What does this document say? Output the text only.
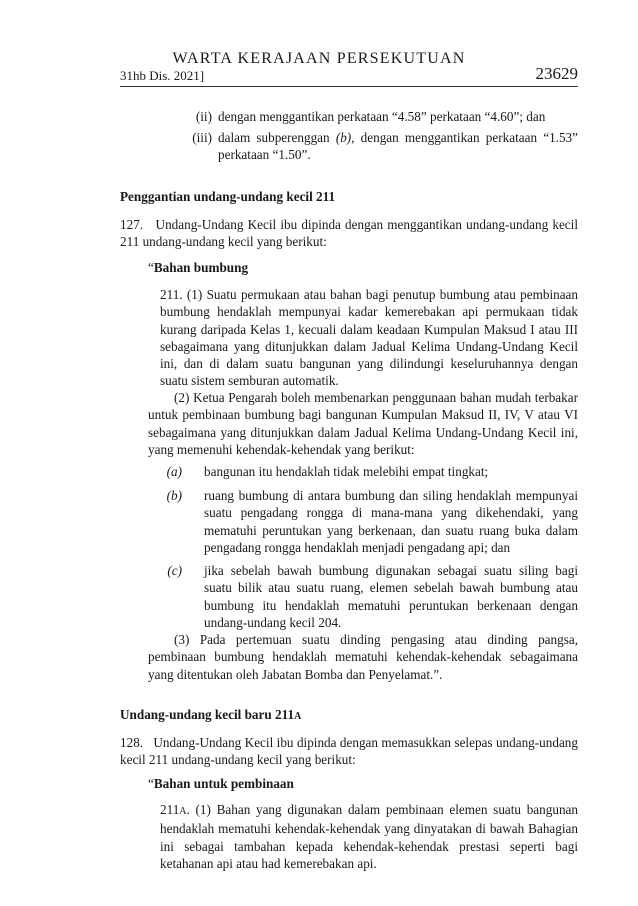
WARTA KERAJAAN PERSEKUTUAN
31hb Dis. 2021]	23629
(ii) dengan menggantikan perkataan “4.58” perkataan “4.60”; dan
(iii) dalam subperenggan (b), dengan menggantikan perkataan “1.53” perkataan “1.50”.
Penggantian undang-undang kecil 211
127.   Undang-Undang Kecil ibu dipinda dengan menggantikan undang-undang kecil 211 undang-undang kecil yang berikut:
“Bahan bumbung
211. (1) Suatu permukaan atau bahan bagi penutup bumbung atau pembinaan bumbung hendaklah mempunyai kadar kemerebakan api permukaan tidak kurang daripada Kelas 1, kecuali dalam keadaan Kumpulan Maksud I atau III sebagaimana yang ditunjukkan dalam Jadual Kelima Undang-Undang Kecil ini, dan di dalam suatu bangunan yang dilindungi keseluruhannya dengan suatu sistem semburan automatik.
(2) Ketua Pengarah boleh membenarkan penggunaan bahan mudah terbakar untuk pembinaan bumbung bagi bangunan Kumpulan Maksud II, IV, V atau VI sebagaimana yang ditunjukkan dalam Jadual Kelima Undang-Undang Kecil ini, yang memenuhi kehendak-kehendak yang berikut:
(a) bangunan itu hendaklah tidak melebihi empat tingkat;
(b) ruang bumbung di antara bumbung dan siling hendaklah mempunyai suatu pengadang rongga di mana-mana yang dikehendaki, yang mematuhi peruntukan yang berkenaan, dan suatu ruang buka dalam pengadang rongga hendaklah menjadi pengadang api; dan
(c) jika sebelah bawah bumbung digunakan sebagai suatu siling bagi suatu bilik atau suatu ruang, elemen sebelah bawah bumbung atau bumbung itu hendaklah mematuhi peruntukan berkenaan dengan undang-undang kecil 204.
(3) Pada pertemuan suatu dinding pengasing atau dinding pangsa, pembinaan bumbung hendaklah mematuhi kehendak-kehendak sebagaimana yang ditentukan oleh Jabatan Bomba dan Penyelamat.”.
Undang-undang kecil baru 211A
128.   Undang-Undang Kecil ibu dipinda dengan memasukkan selepas undang-undang kecil 211 undang-undang kecil yang berikut:
“Bahan untuk pembinaan
211A. (1) Bahan yang digunakan dalam pembinaan elemen suatu bangunan hendaklah mematuhi kehendak-kehendak yang dinyatakan di bawah Bahagian ini sebagai tambahan kepada kehendak-kehendak prestasi seperti bagi ketahanan api atau had kemerebakan api.
